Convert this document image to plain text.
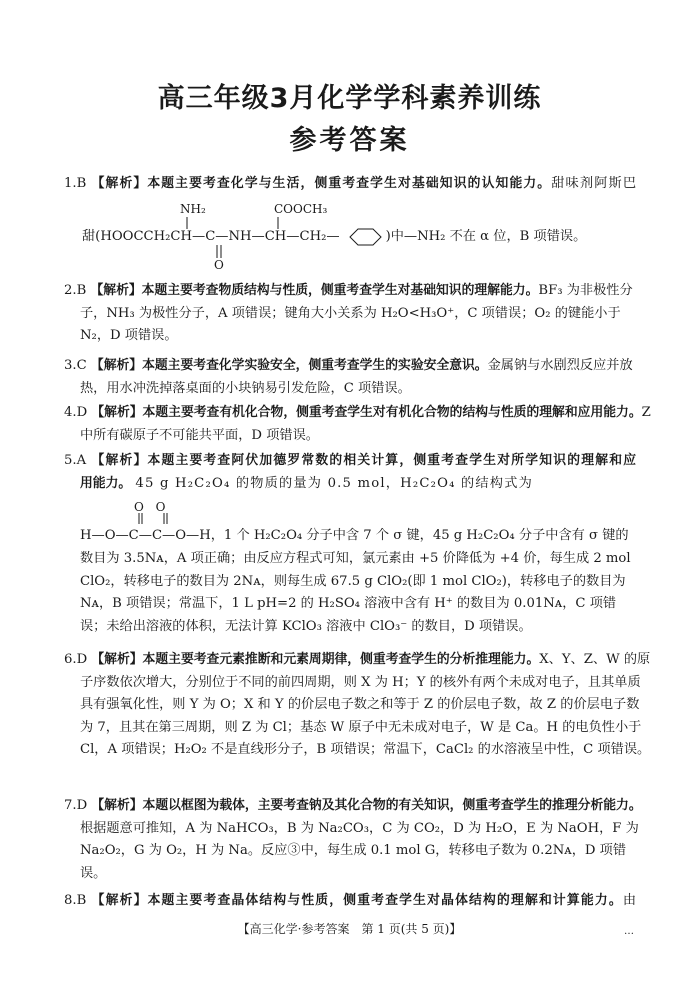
高三年级3月化学学科素养训练
参考答案
1.B 【解析】本题主要考查化学与生活，侧重考查学生对基础知识的认知能力。甜味剂阿斯巴
NH₂	COOCH₃
甜(HOOCCH₂CH—C—NH—CH—CH₂—	)中—NH₂ 不在 α 位，B 项错误。
O
2.B 【解析】本题主要考查物质结构与性质，侧重考查学生对基础知识的理解能力。BF₃ 为非极性分子，NH₃ 为极性分子，A 项错误；键角大小关系为 H₂O<H₃O⁺，C 项错误；O₂ 的键能小于 N₂，D 项错误。
3.C 【解析】本题主要考查化学实验安全，侧重考查学生的实验安全意识。金属钠与水剧烈反应并放热，用水冲洗掉落桌面的小块钠易引发危险，C 项错误。
4.D 【解析】本题主要考查有机化合物，侧重考查学生对有机化合物的结构与性质的理解和应用能力。Z 中所有碳原子不可能共平面，D 项错误。
5.A 【解析】本题主要考查阿伏加德罗常数的相关计算，侧重考查学生对所学知识的理解和应
用能力。 45 g H₂C₂O₄ 的物质的量为 0.5 mol，H₂C₂O₄ 的结构式为
O O
H—O—C—C—O—H，1 个 H₂C₂O₄ 分子中含 7 个 σ 键，45 g H₂C₂O₄ 分子中含有 σ 键的
数目为 3.5Nᴀ，A 项正确；由反应方程式可知，氯元素由 +5 价降低为 +4 价，每生成 2 mol ClO₂，转移电子的数目为 2Nᴀ，则每生成 67.5 g ClO₂(即 1 mol ClO₂)，转移电子的数目为 Nᴀ，B 项错误；常温下，1 L pH=2 的 H₂SO₄ 溶液中含有 H⁺ 的数目为 0.01Nᴀ，C 项错误；未给出溶液的体积，无法计算 KClO₃ 溶液中 ClO₃⁻ 的数目，D 项错误。
6.D 【解析】本题主要考查元素推断和元素周期律，侧重考查学生的分析推理能力。X、Y、Z、W 的原子序数依次增大，分别位于不同的前四周期，则 X 为 H；Y 的核外有两个未成对电子，且其单质具有强氧化性，则 Y 为 O；X 和 Y 的价层电子数之和等于 Z 的价层电子数，故 Z 的价层电子数为 7，且其在第三周期，则 Z 为 Cl；基态 W 原子中无未成对电子，W 是 Ca。H 的电负性小于 Cl，A 项错误；H₂O₂ 不是直线形分子，B 项错误；常温下，CaCl₂ 的水溶液呈中性，C 项错误。
7.D 【解析】本题以框图为载体，主要考查钠及其化合物的有关知识，侧重考查学生的推理分析能力。根据题意可推知，A 为 NaHCO₃，B 为 Na₂CO₃，C 为 CO₂，D 为 H₂O，E 为 NaOH，F 为 Na₂O₂，G 为 O₂，H 为 Na。反应③中，每生成 0.1 mol G，转移电子数为 0.2Nᴀ，D 项错误。
8.B 【解析】本题主要考查晶体结构与性质，侧重考查学生对晶体结构的理解和计算能力。由
【高三化学·参考答案　第 1 页(共 5 页)】	…
